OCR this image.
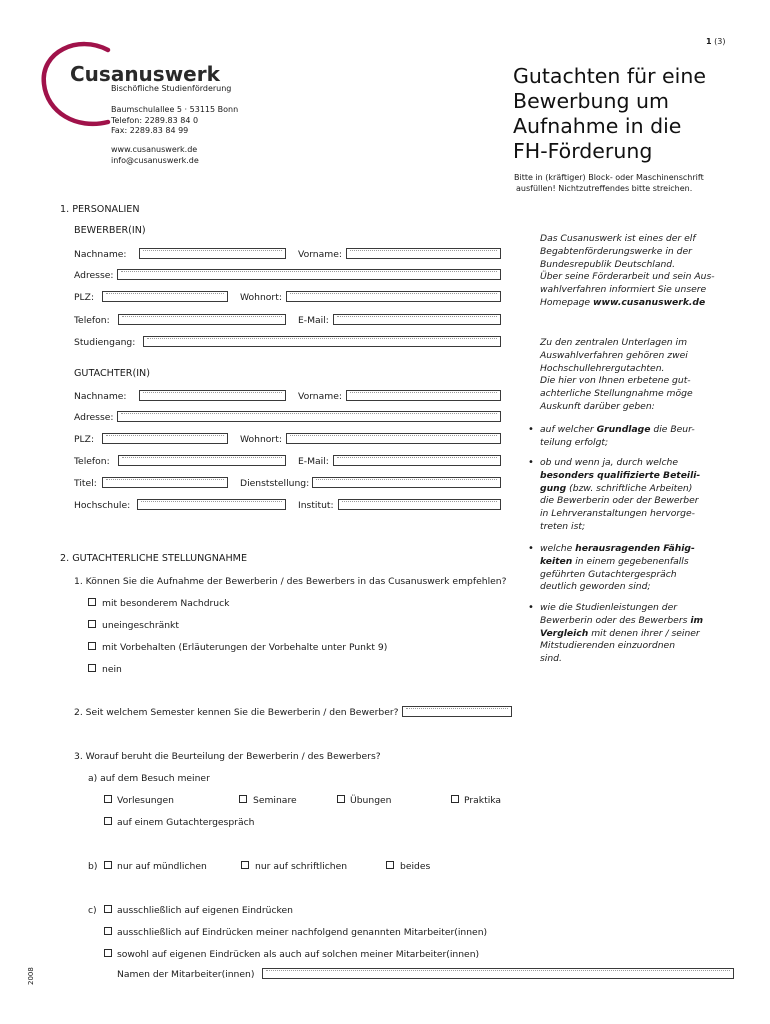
1 (3)
Cusanuswerk
Bischöfliche Studienförderung
Baumschulallee 5 · 53115 Bonn
Telefon: 2289.83 84 0
Fax: 2289.83 84 99
www.cusanuswerk.de
info@cusanuswerk.de
Gutachten für eine
Bewerbung um
Aufnahme in die
FH-Förderung
Bitte in (kräftiger) Block- oder Maschinenschrift
ausfüllen! Nichtzutreffendes bitte streichen.
1. PERSONALIEN
BEWERBER(IN)
Nachname:	Vorname:
Adresse:
PLZ:	Wohnort:
Telefon:	E-Mail:
Studiengang:
GUTACHTER(IN)
Nachname:	Vorname:
Adresse:
PLZ:	Wohnort:
Telefon:	E-Mail:
Titel:	Dienststellung:
Hochschule:	Institut:
Das Cusanuswerk ist eines der elf
Begabtenförderungswerke in der
Bundesrepublik Deutschland.
Über seine Förderarbeit und sein Aus-
wahlverfahren informiert Sie unsere
Homepage www.cusanuswerk.de
Zu den zentralen Unterlagen im
Auswahlverfahren gehören zwei
Hochschullehrergutachten.
Die hier von Ihnen erbetene gut-
achterliche Stellungnahme möge
Auskunft darüber geben:
• auf welcher Grundlage die Beur-
teilung erfolgt;
• ob und wenn ja, durch welche
besonders qualifizierte Beteili-
gung (bzw. schriftliche Arbeiten)
die Bewerberin oder der Bewerber
in Lehrveranstaltungen hervorge-
treten ist;
• welche herausragenden Fähig-
keiten in einem gegebenenfalls
geführten Gutachtergespräch
deutlich geworden sind;
• wie die Studienleistungen der
Bewerberin oder des Bewerbers im
Vergleich mit denen ihrer / seiner
Mitstudierenden einzuordnen
sind.
2. GUTACHTERLICHE STELLUNGNAHME
1. Können Sie die Aufnahme der Bewerberin / des Bewerbers in das Cusanuswerk empfehlen?
mit besonderem Nachdruck
uneingeschränkt
mit Vorbehalten (Erläuterungen der Vorbehalte unter Punkt 9)
nein
2. Seit welchem Semester kennen Sie die Bewerberin / den Bewerber?
3. Worauf beruht die Beurteilung der Bewerberin / des Bewerbers?
a) auf dem Besuch meiner
Vorlesungen	Seminare	Übungen	Praktika
auf einem Gutachtergespräch
b) nur auf mündlichen	nur auf schriftlichen	beides
c) ausschließlich auf eigenen Eindrücken
ausschließlich auf Eindrücken meiner nachfolgend genannten Mitarbeiter(innen)
sowohl auf eigenen Eindrücken als auch auf solchen meiner Mitarbeiter(innen)
Namen der Mitarbeiter(innen)
2008
